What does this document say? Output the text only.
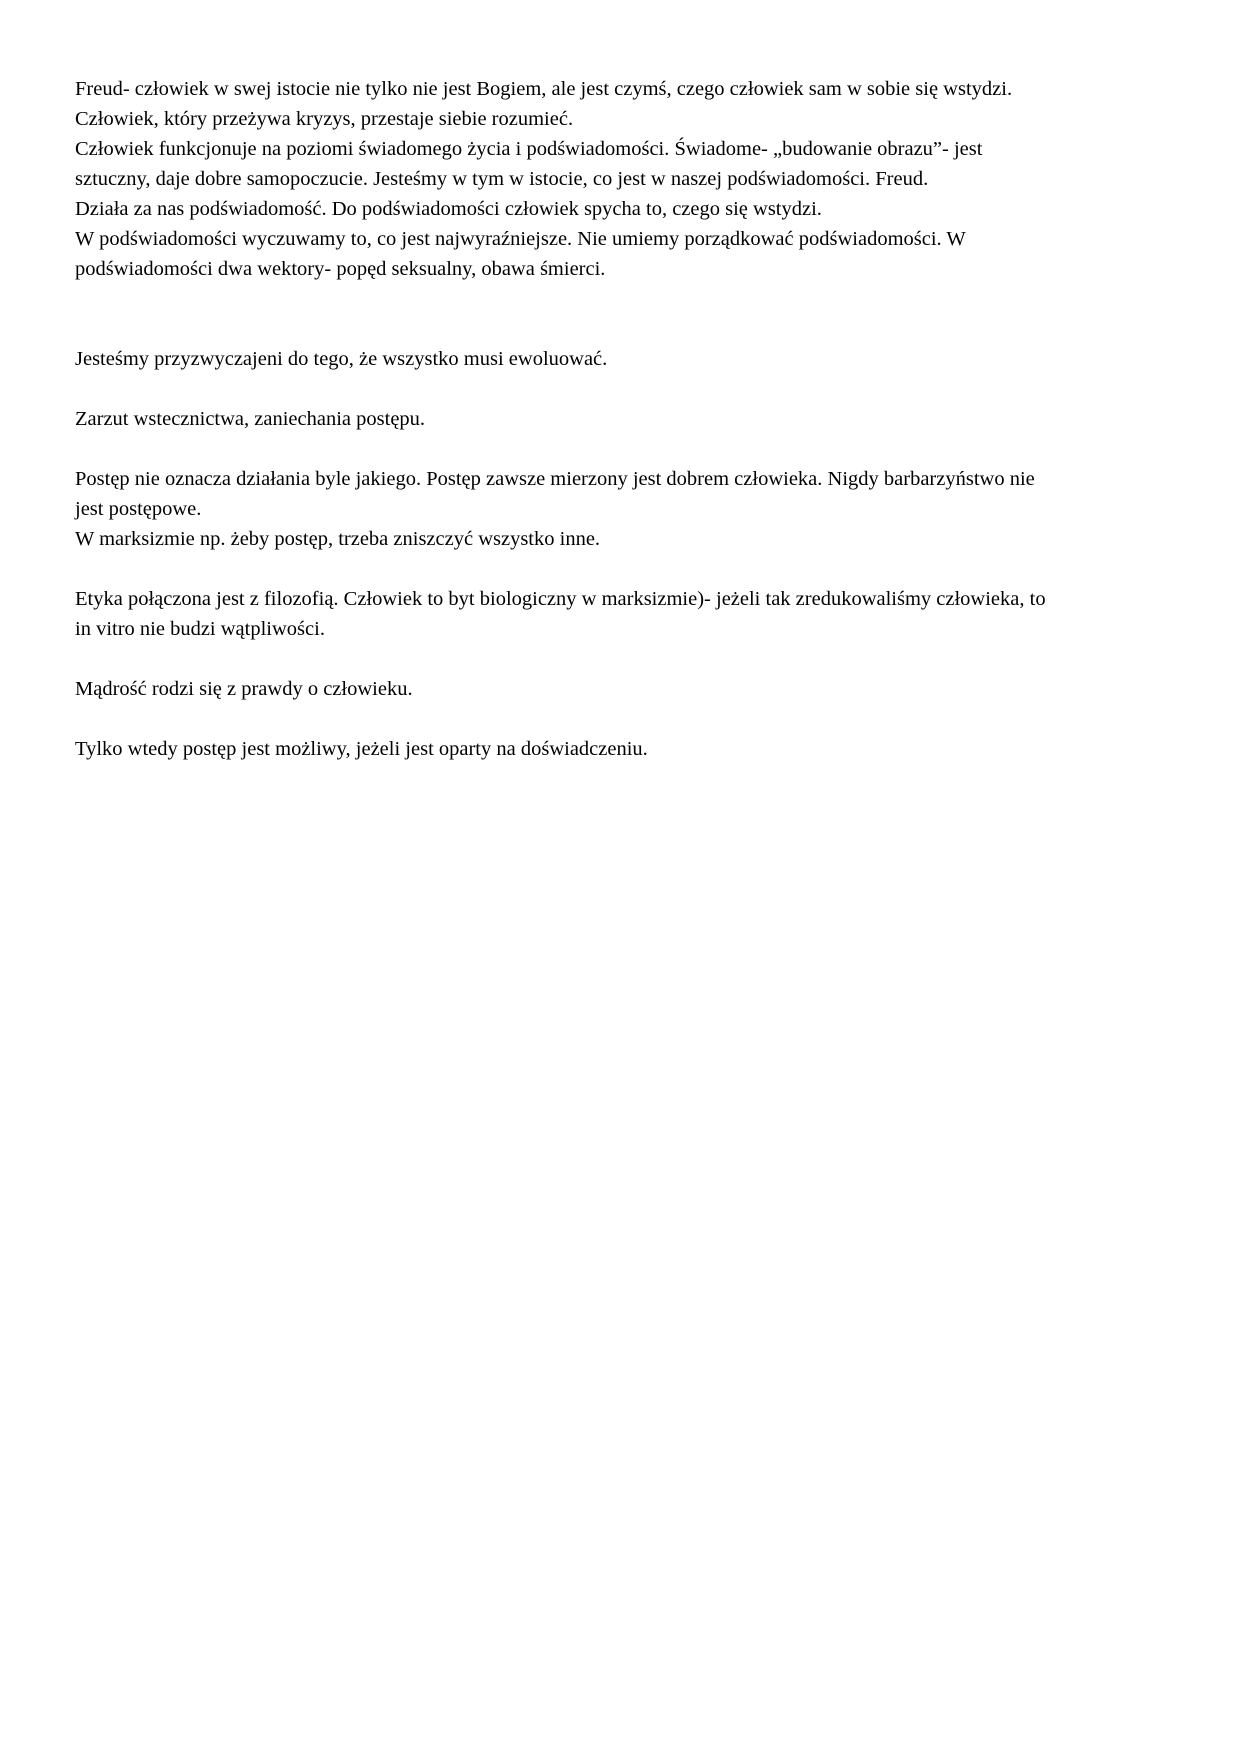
Freud- człowiek w swej istocie nie tylko nie jest Bogiem, ale jest czymś, czego człowiek sam w sobie się wstydzi.
Człowiek, który przeżywa kryzys, przestaje siebie rozumieć.
Człowiek funkcjonuje na poziomi świadomego życia i podświadomości. Świadome- „budowanie obrazu”- jest
sztuczny, daje dobre samopoczucie. Jesteśmy w tym w istocie, co jest w naszej podświadomości. Freud.
Działa za nas podświadomość. Do podświadomości człowiek spycha to, czego się wstydzi.
W podświadomości wyczuwamy to, co jest najwyraźniejsze. Nie umiemy porządkować podświadomości. W
podświadomości dwa wektory- popęd seksualny, obawa śmierci.

Jesteśmy przyzwyczajeni do tego, że wszystko musi ewoluować.

Zarzut wstecznictwa, zaniechania postępu.

Postęp nie oznacza działania byle jakiego. Postęp zawsze mierzony jest dobrem człowieka. Nigdy barbarzyństwo nie
jest postępowe.
W marksizmie np. żeby postęp, trzeba zniszczyć wszystko inne.
Etyka połączona jest z filozofią. Człowiek to byt biologiczny w marksizmie)- jeżeli tak zredukowaliśmy człowieka, to
in vitro nie budzi wątpliwości.

Mądrość rodzi się z prawdy o człowieku.

Tylko wtedy postęp jest możliwy, jeżeli jest oparty na doświadczeniu.
